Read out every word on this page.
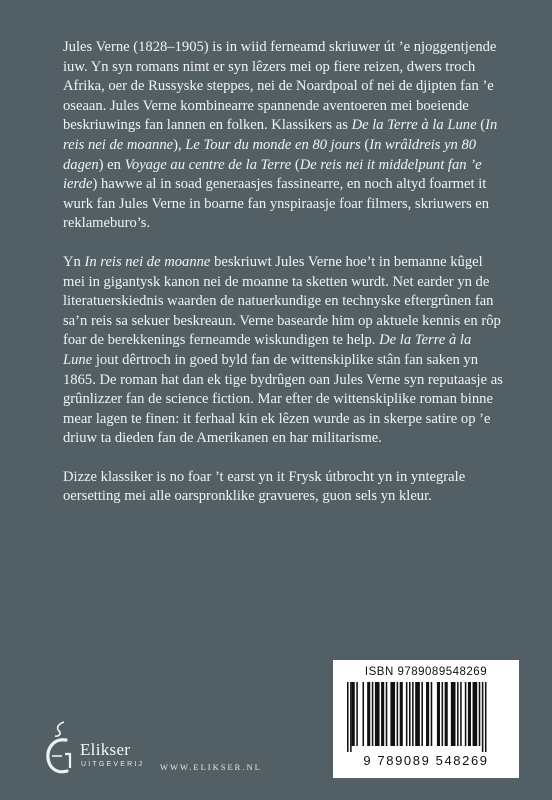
Jules Verne (1828–1905) is in wiid ferneamd skriuwer út ’e njoggentjende iuw. Yn syn romans nimt er syn lêzers mei op fiere reizen, dwers troch Afrika, oer de Russyske steppes, nei de Noardpoal of nei de djipten fan ’e oseaan. Jules Verne kombinearre spannende aventoeren mei boeiende beskriuwings fan lannen en folken. Klassikers as De la Terre à la Lune (In reis nei de moanne), Le Tour du monde en 80 jours (In wrâldreis yn 80 dagen) en Voyage au centre de la Terre (De reis nei it middelpunt fan ’e ierde) hawwe al in soad generaasjes fassinearre, en noch altyd foarmet it wurk fan Jules Verne in boarne fan ynspiraasje foar filmers, skriuwers en reklameburo’s.

Yn In reis nei de moanne beskriuwt Jules Verne hoe’t in bemanne kûgel mei in gigantysk kanon nei de moanne ta sketten wurdt. Net earder yn de literatuerskiednis waarden de natuerkundige en technyske eftergrûnen fan sa’n reis sa sekuer beskreaun. Verne basearde him op aktuele kennis en rôp foar de berekkenings ferneamde wiskundigen te help. De la Terre à la Lune jout dêrtroch in goed byld fan de wittenskiplike stân fan saken yn 1865. De roman hat dan ek tige bydrûgen oan Jules Verne syn reputaasje as grûnlizzer fan de science fiction. Mar efter de wittenskiplike roman binne mear lagen te finen: it ferhaal kin ek lêzen wurde as in skerpe satire op ’e driuw ta dieden fan de Amerikanen en har militarisme.

Dizze klassiker is no foar ’t earst yn it Frysk útbrocht yn in yntegrale oersetting mei alle oarspronklike gravueres, guon sels yn kleur.

ISBN 9789089548269
9 789089 548269
Elikser
UITGEVERIJ WWW.ELIKSER.NL
